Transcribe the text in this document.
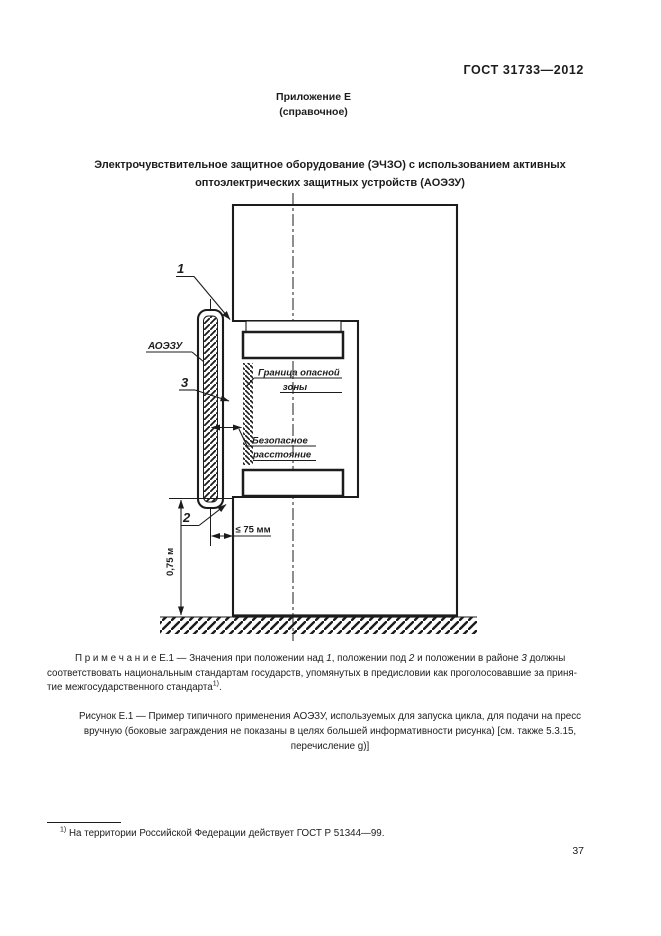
ГОСТ 31733—2012
Приложение Е
(справочное)
Электрочувствительное защитное оборудование (ЭЧЗО) с использованием активных
оптоэлектрических защитных устройств (АОЭЗУ)
1
АОЭЗУ
3
Граница опасной
зоны
Безопасное
расстояние
2
≤ 75 мм
0,75 м
П р и м е ч а н и е Е.1 — Значения при положении над 1, положении под 2 и положении в районе 3 должны
соответствовать национальным стандартам государств, упомянутых в предисловии как проголосовавшие за приня-
тие межгосударственного стандарта$^{1)}$.
Рисунок Е.1 — Пример типичного применения АОЭЗУ, используемых для запуска цикла, для подачи на пресс
вручную (боковые заграждения не показаны в целях большей информативности рисунка) [см. также 5.3.15,
перечисление g)]
$^{1)}$ На территории Российской Федерации действует ГОСТ Р 51344—99.
37
